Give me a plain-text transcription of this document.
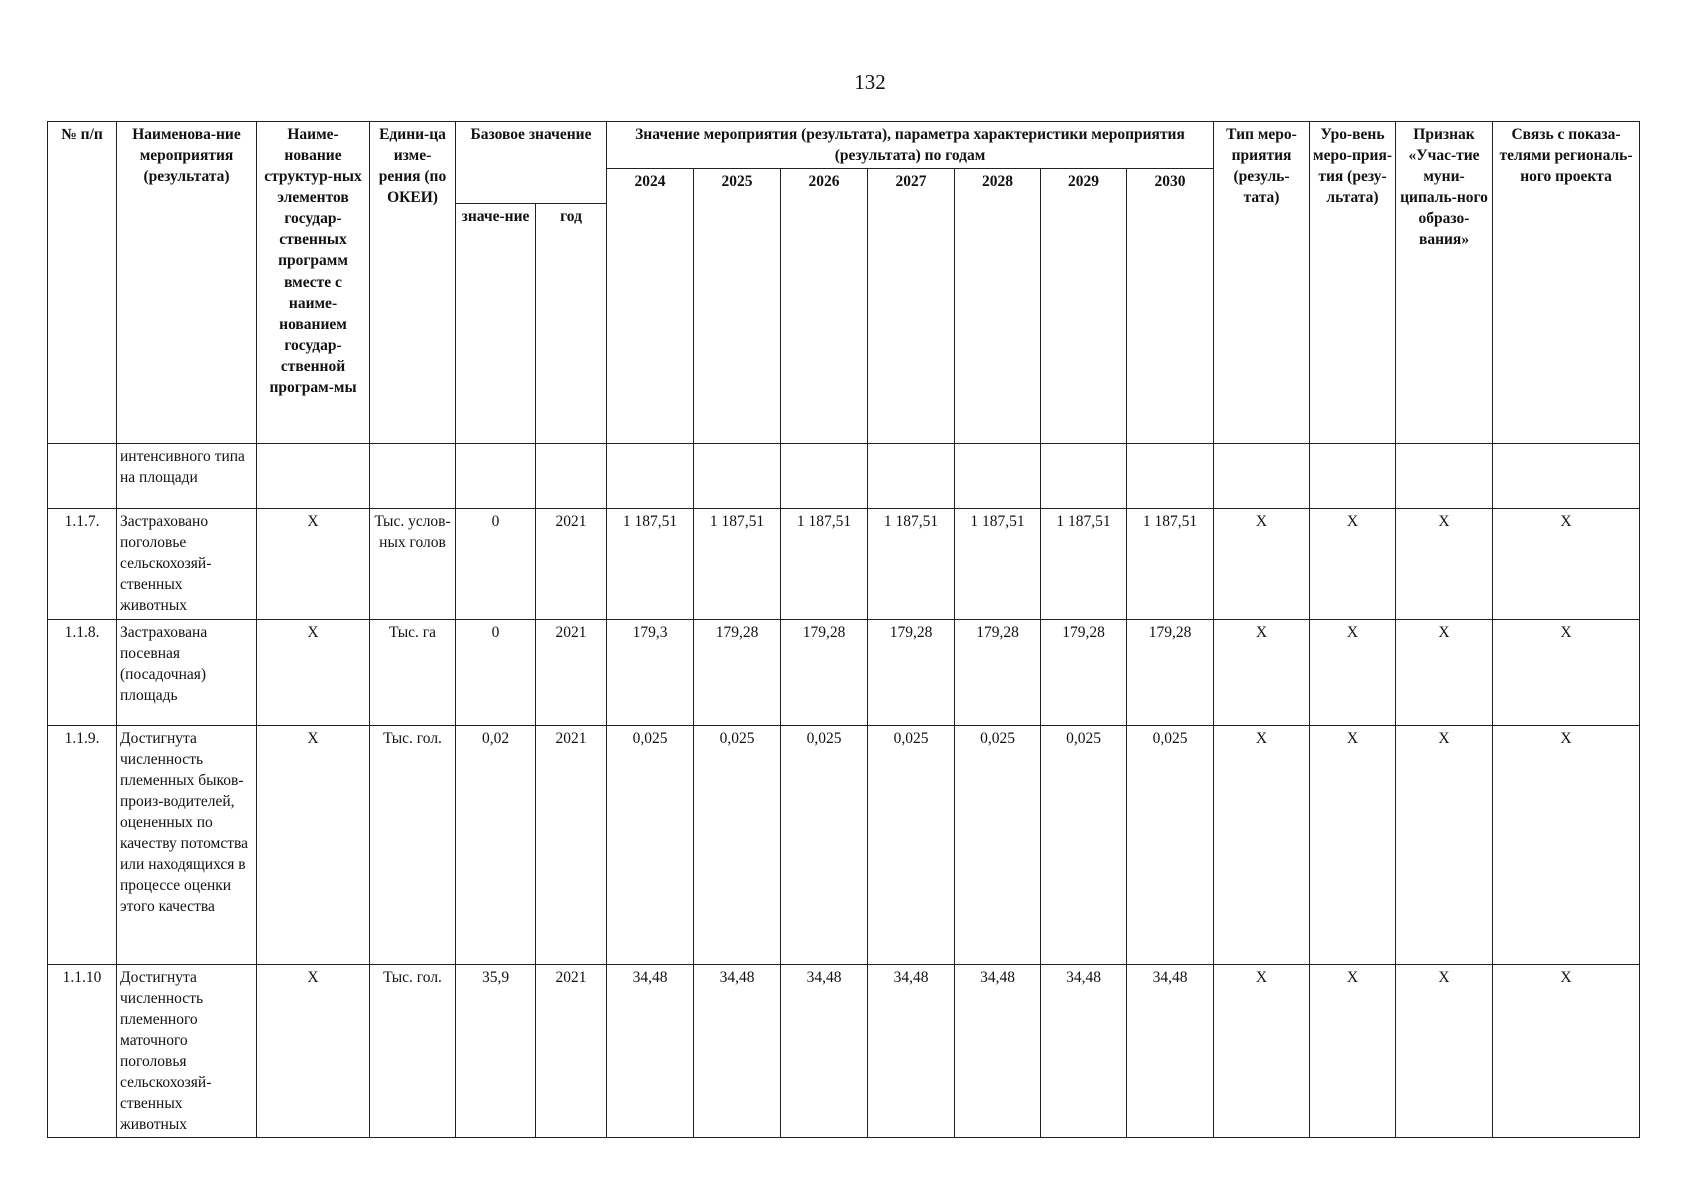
132
№ п/п	Наименова-ние мероприятия (результата)	Наиме-нование структур-ных элементов государ-ственных программ вместе с наиме-нованием государ-ственной програм-мы	Едини-ца изме-рения (по ОКЕИ)	Базовое значение		Значение мероприятия (результата), параметра характеристики мероприятия (результата) по годам							Тип меро-приятия (резуль-тата)	Уро-вень меро-прия-тия (резу-льтата)	Признак «Учас-тие муни-ципаль-ного образо-вания»	Связь с показа-телями региональ-ного проекта
						2024	2025	2026	2027	2028	2029	2030				
				значе-ние	год											
	интенсивного типа на площади															
1.1.7.	Застраховано поголовье сельскохозяй-ственных животных	X	Тыс. услов-ных голов	0	2021	1 187,51	1 187,51	1 187,51	1 187,51	1 187,51	1 187,51	1 187,51	X	X	X	X
1.1.8.	Застрахована посевная (посадочная) площадь	X	Тыс. га	0	2021	179,3	179,28	179,28	179,28	179,28	179,28	179,28	X	X	X	X
1.1.9.	Достигнута численность племенных быков-произ-водителей, оцененных по качеству потомства или находящихся в процессе оценки этого качества	X	Тыс. гол.	0,02	2021	0,025	0,025	0,025	0,025	0,025	0,025	0,025	X	X	X	X
1.1.10	Достигнута численность племенного маточного поголовья сельскохозяй-ственных животных	X	Тыс. гол.	35,9	2021	34,48	34,48	34,48	34,48	34,48	34,48	34,48	X	X	X	X
